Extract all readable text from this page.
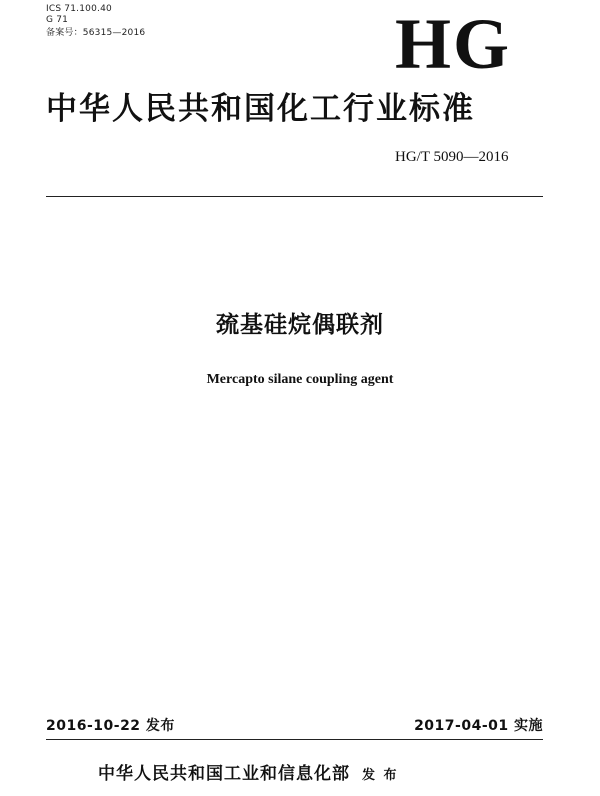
ICS 71.100.40
G 71
备案号：56315—2016	HG
中华人民共和国化工行业标准
HG/T 5090—2016
巯基硅烷偶联剂
Mercapto silane coupling agent
2016-10-22 发布	2017-04-01 实施
中华人民共和国工业和信息化部 发 布
